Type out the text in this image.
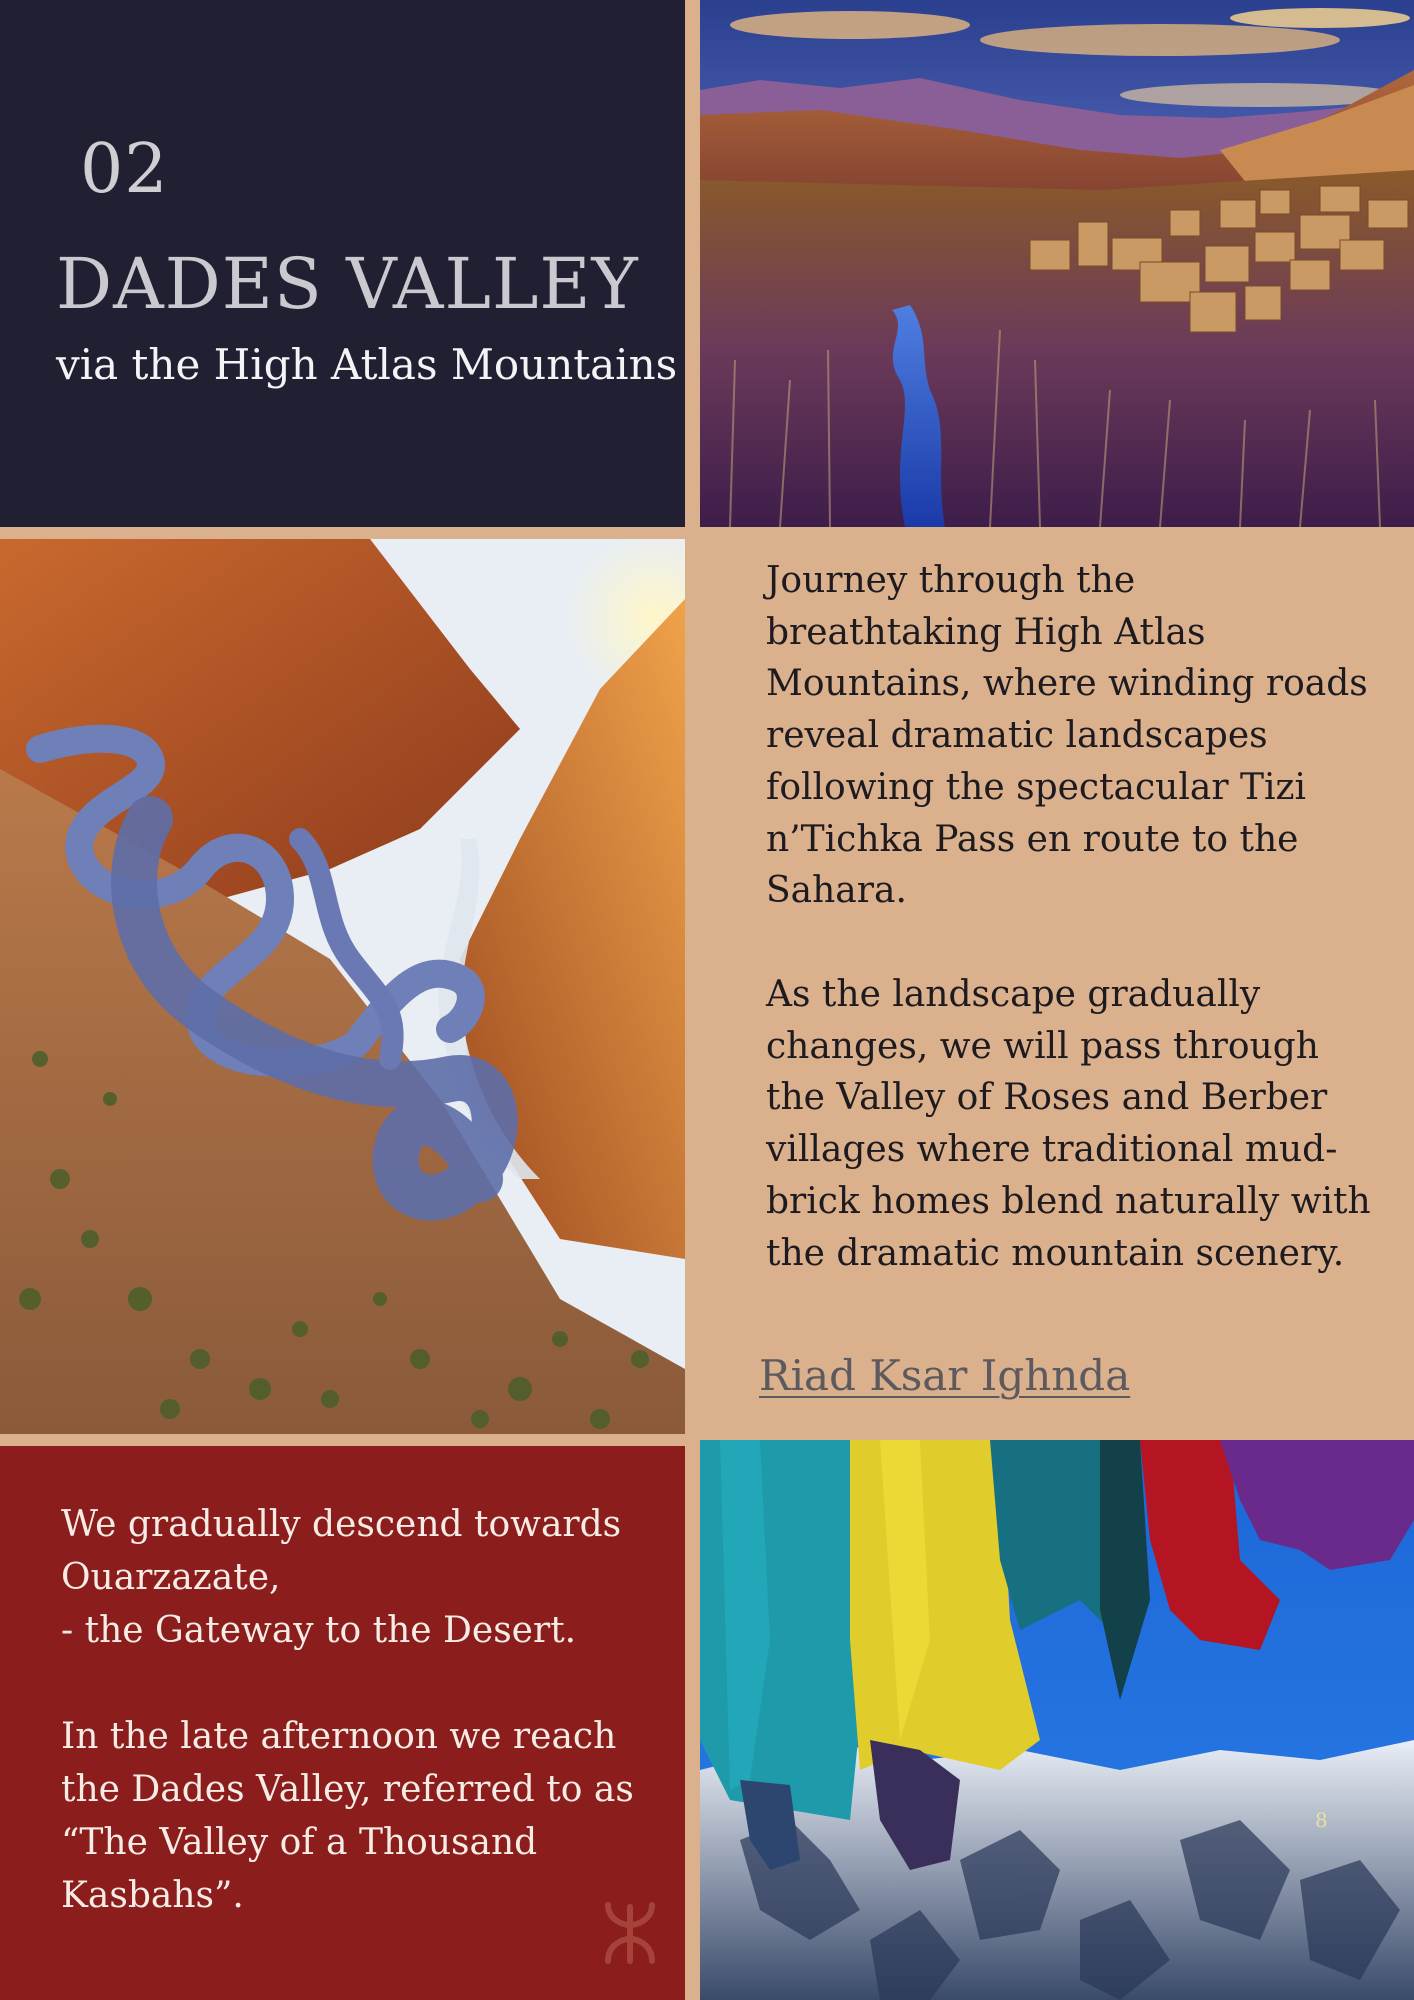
02
DADES VALLEY
via the High Atlas Mountains
Journey through the breathtaking High Atlas Mountains, where winding roads reveal dramatic landscapes following the spectacular Tizi n’Tichka Pass en route to the Sahara.
As the landscape gradually changes, we will pass through the Valley of Roses and Berber villages where traditional mud-brick homes blend naturally with the dramatic mountain scenery.
Riad Ksar Ighnda
We gradually descend towards Ouarzazate,
- the Gateway to the Desert.
In the late afternoon we reach the Dades Valley, referred to as “The Valley of a Thousand Kasbahs”.
8
